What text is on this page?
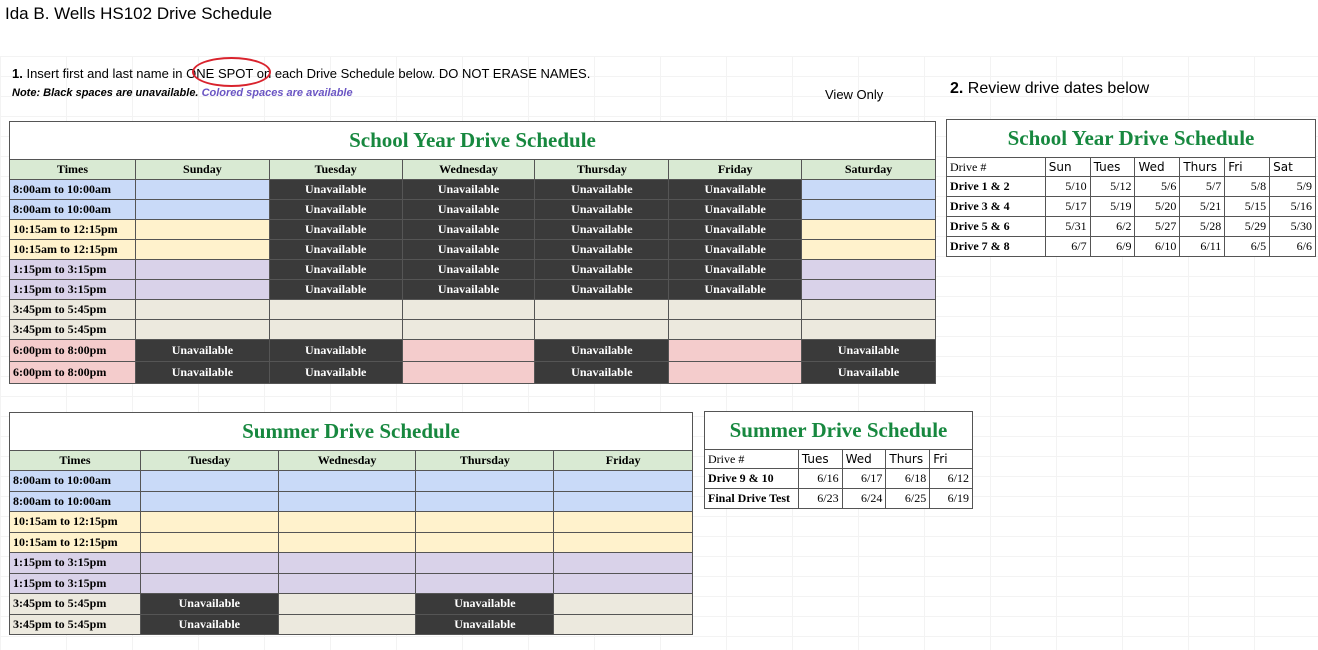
Ida B. Wells HS102 Drive Schedule
1. Insert first and last name in ONE SPOT on each Drive Schedule below. DO NOT ERASE NAMES.
Note: Black spaces are unavailable. Colored spaces are available	View Only	2. Review drive dates below
School Year Drive Schedule						
Times	Sunday	Tuesday	Wednesday	Thursday	Friday	Saturday
8:00am to 10:00am		Unavailable	Unavailable	Unavailable	Unavailable	
8:00am to 10:00am		Unavailable	Unavailable	Unavailable	Unavailable	
10:15am to 12:15pm		Unavailable	Unavailable	Unavailable	Unavailable	
10:15am to 12:15pm		Unavailable	Unavailable	Unavailable	Unavailable	
1:15pm to 3:15pm		Unavailable	Unavailable	Unavailable	Unavailable	
1:15pm to 3:15pm		Unavailable	Unavailable	Unavailable	Unavailable	
3:45pm to 5:45pm						
3:45pm to 5:45pm						
6:00pm to 8:00pm	Unavailable	Unavailable		Unavailable		Unavailable
6:00pm to 8:00pm	Unavailable	Unavailable		Unavailable		Unavailable
School Year Drive Schedule						
Drive #	Sun	Tues	Wed	Thurs	Fri	Sat
Drive 1 & 2	5/10	5/12	5/6	5/7	5/8	5/9
Drive 3 & 4	5/17	5/19	5/20	5/21	5/15	5/16
Drive 5 & 6	5/31	6/2	5/27	5/28	5/29	5/30
Drive 7 & 8	6/7	6/9	6/10	6/11	6/5	6/6
Summer Drive Schedule				
Times	Tuesday	Wednesday	Thursday	Friday
8:00am to 10:00am				
8:00am to 10:00am				
10:15am to 12:15pm				
10:15am to 12:15pm				
1:15pm to 3:15pm				
1:15pm to 3:15pm				
3:45pm to 5:45pm	Unavailable		Unavailable	
3:45pm to 5:45pm	Unavailable		Unavailable	
Summer Drive Schedule				
Drive #	Tues	Wed	Thurs	Fri
Drive 9 & 10	6/16	6/17	6/18	6/12
Final Drive Test	6/23	6/24	6/25	6/19
